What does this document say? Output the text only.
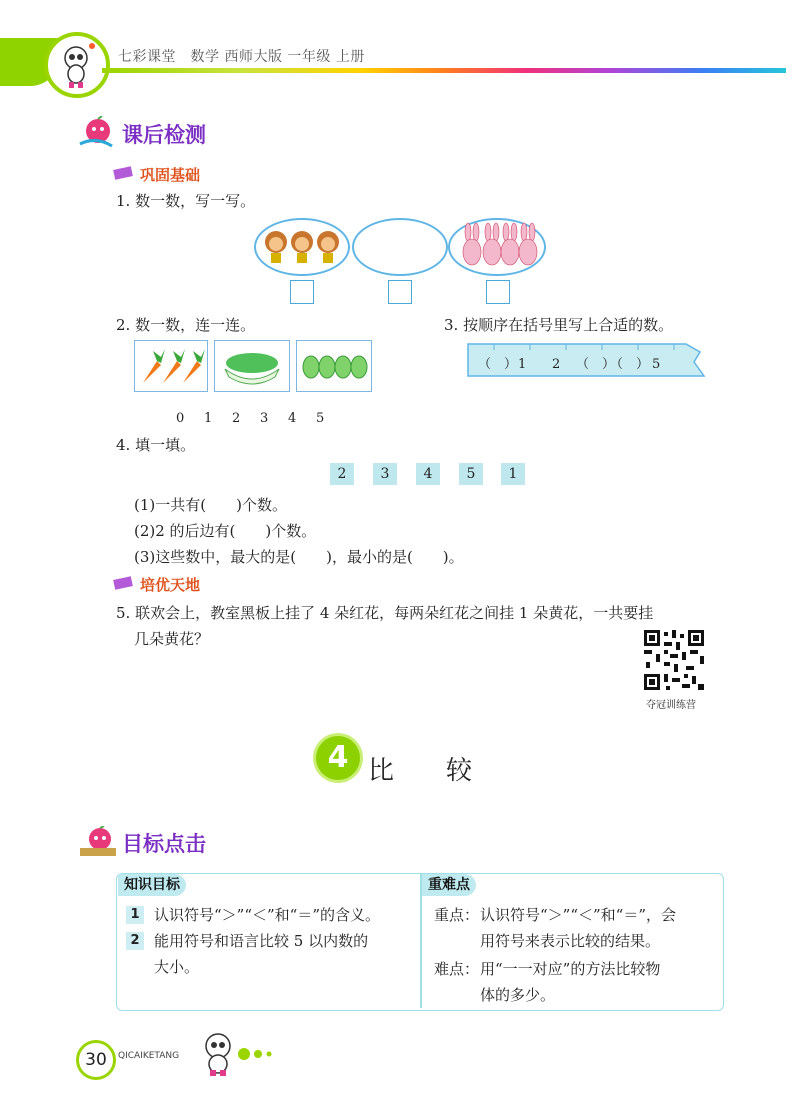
七彩课堂　数学 西师大版 一年级 上册
课后检测
巩固基础
1. 数一数，写一写。
2. 数一数，连一连。	3. 按顺序在括号里写上合适的数。
（　） 1 2 （　）
（　） 5
0 1 2 3 4 5
4. 填一填。
2	3	4	5	1
(1)一共有(　　)个数。
(2)2 的后边有(　　)个数。
(3)这些数中，最大的是(　　)，最小的是(　　)。
培优天地
5. 联欢会上，教室黑板上挂了 4 朵红花，每两朵红花之间挂 1 朵黄花，一共要挂
几朵黄花？
夺冠训练营
4 比　　较
目标点击
知识目标	重难点
1 认识符号“＞”“＜”和“＝”的含义。
2 能用符号和语言比较 5 以内数的
大小。
重点： 认识符号“＞”“＜”和“＝”，会
用符号来表示比较的结果。
难点： 用“一一对应”的方法比较物
体的多少。
30	QICAIKETANG
